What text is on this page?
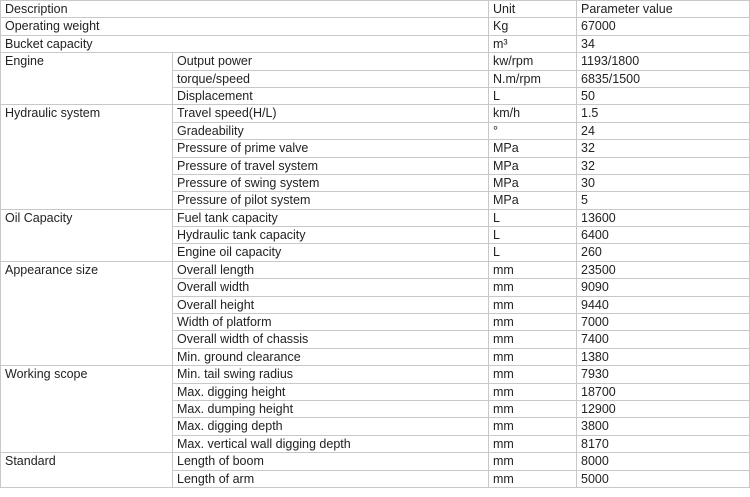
Description		Unit	Parameter value
Operating weight		Kg	67000
Bucket capacity		m³	34
Engine	Output power	kw/rpm	1193/1800
	torque/speed	N.m/rpm	6835/1500
	Displacement	L	50
Hydraulic system	Travel speed(H/L)	km/h	1.5
	Gradeability	°	24
	Pressure of prime valve	MPa	32
	Pressure of travel system	MPa	32
	Pressure of swing system	MPa	30
	Pressure of pilot system	MPa	5
Oil Capacity	Fuel tank capacity	L	13600
	Hydraulic tank capacity	L	6400
	Engine oil capacity	L	260
Appearance size	Overall length	mm	23500
	Overall width	mm	9090
	Overall height	mm	9440
	Width of platform	mm	7000
	Overall width of chassis	mm	7400
	Min. ground clearance	mm	1380
Working scope	Min. tail swing radius	mm	7930
	Max. digging height	mm	18700
	Max. dumping height	mm	12900
	Max. digging depth	mm	3800
	Max. vertical wall digging depth	mm	8170
Standard	Length of boom	mm	8000
	Length of arm	mm	5000
